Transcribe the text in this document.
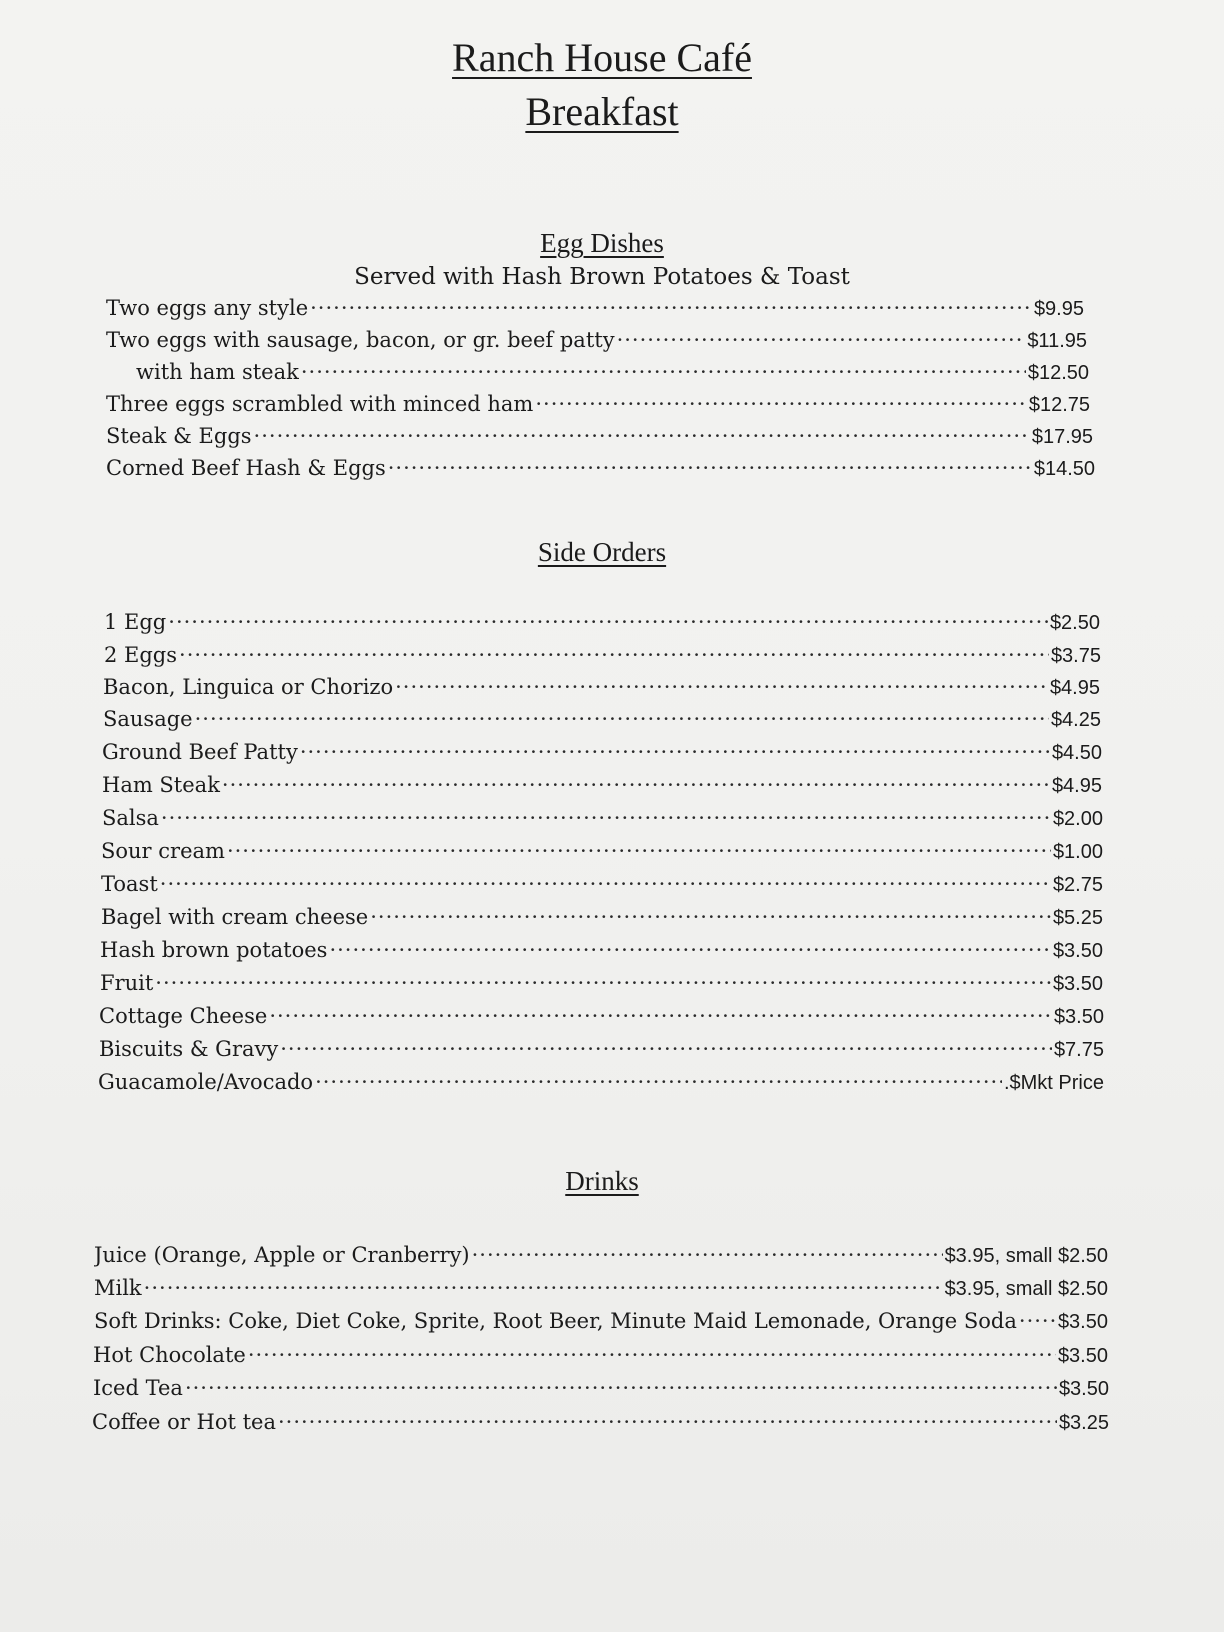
Ranch House Café
Breakfast
Egg Dishes
Served with Hash Brown Potatoes & Toast
Two eggs any style ·····	$9.95
Two eggs with sausage, bacon, or gr. beef patty ·····	$11.95
with ham steak ·····	$12.50
Three eggs scrambled with minced ham ·····	$12.75
Steak & Eggs ·····	$17.95
Corned Beef Hash & Eggs ·····	$14.50
Side Orders
1 Egg ·····	$2.50
2 Eggs ·····	$3.75
Bacon, Linguica or Chorizo ·····	$4.95
Sausage ·····	$4.25
Ground Beef Patty ·····	$4.50
Ham Steak ·····	$4.95
Salsa ·····	$2.00
Sour cream ·····	$1.00
Toast ·····	$2.75
Bagel with cream cheese ·····	$5.25
Hash brown potatoes ·····	$3.50
Fruit ·····	$3.50
Cottage Cheese ·····	$3.50
Biscuits & Gravy ·····	$7.75
Guacamole/Avocado ·····	.$Mkt Price
Drinks
Juice (Orange, Apple or Cranberry) ·····	$3.95, small $2.50
Milk ·····	$3.95, small $2.50
Soft Drinks: Coke, Diet Coke, Sprite, Root Beer, Minute Maid Lemonade, Orange Soda ····· $3.50
Hot Chocolate ·····	$3.50
Iced Tea ·····	$3.50
Coffee or Hot tea ·····	$3.25
